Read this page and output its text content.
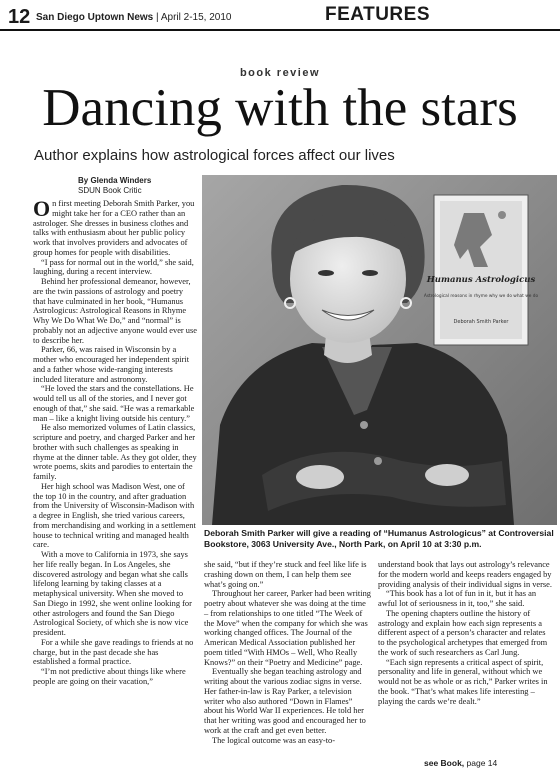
12 San Diego Uptown News | April 2-15, 2010	FEATURES
book review
Dancing with the stars
Author explains how astrological forces affect our lives
By Glenda Winders
SDUN Book Critic

On first meeting Deborah Smith Parker, you might take her for a CEO rather than an astrologer. She dresses in business clothes and talks with enthusiasm about her public policy work that involves providers and advocates of group homes for people with disabilities.

“I pass for normal out in the world,” she said, laughing, during a recent interview.

Behind her professional demeanor, however, are the twin passions of astrology and poetry that have culminated in her book, “Humanus Astrologicus: Astrological Reasons in Rhyme Why We Do What We Do,” and “normal” is probably not an adjective anyone would ever use to describe her.

Parker, 66, was raised in Wisconsin by a mother who encouraged her independent spirit and a father whose wide-ranging interests included literature and astronomy.

“He loved the stars and the constellations. He would tell us all of the stories, and I never got enough of that,” she said. “He was a remarkable man – like a knight living outside his century.”

He also memorized volumes of Latin classics, scripture and poetry, and charged Parker and her brother with such challenges as speaking in rhyme at the dinner table. As they got older, they wrote poems, skits and parodies to entertain the family.

Her high school was Madison West, one of the top 10 in the country, and after graduation from the University of Wisconsin-Madison with a degree in English, she tried various careers, from merchandising and working in a settlement house to technical writing and managed health care.

With a move to California in 1973, she says her life really began. In Los Angeles, she discovered astrology and began what she calls lifelong learning by taking classes at a metaphysical university. When she moved to San Diego in 1992, she went online looking for other astrologers and found the San Diego Astrological Society, of which she is now vice president.

For a while she gave readings to friends at no charge, but in the past decade she has established a formal practice.

“I’m not predictive about things like where people are going on their vacation,”

Humanus Astrologicus
Astrological reasons in rhyme why we do what we do
Deborah Smith Parker
Deborah Smith Parker will give a reading of “Humanus Astrologicus” at Controversial Bookstore, 3063 University Ave., North Park, on April 10 at 3:30 p.m.

she said, “but if they’re stuck and feel like life is crashing down on them, I can help them see what’s going on.”

Throughout her career, Parker had been writing poetry about whatever she was doing at the time – from relationships to one titled “The Week of the Move” when the company for which she was working changed offices. The Journal of the American Medical Association published her poem titled “With HMOs – Well, Who Really Knows?” on their “Poetry and Medicine” page.

Eventually she began teaching astrology and writing about the various zodiac signs in verse. Her father-in-law is Ray Parker, a television writer who also authored “Down in Flames” about his World War II experiences. He told her that her writing was good and encouraged her to work at the craft and get even better.

The logical outcome was an easy-to-

understand book that lays out astrology’s relevance for the modern world and keeps readers engaged by providing analysis of their individual signs in verse.

“This book has a lot of fun in it, but it has an awful lot of seriousness in it, too,” she said.

The opening chapters outline the history of astrology and explain how each sign represents a different aspect of a person’s character and relates to the psychological archetypes that emerged from the work of such researchers as Carl Jung.

“Each sign represents a critical aspect of spirit, personality and life in general, without which we would not be as whole or as rich,” Parker writes in the book. “That’s what makes life interesting – playing the cards we’re dealt.”

see Book, page 14
